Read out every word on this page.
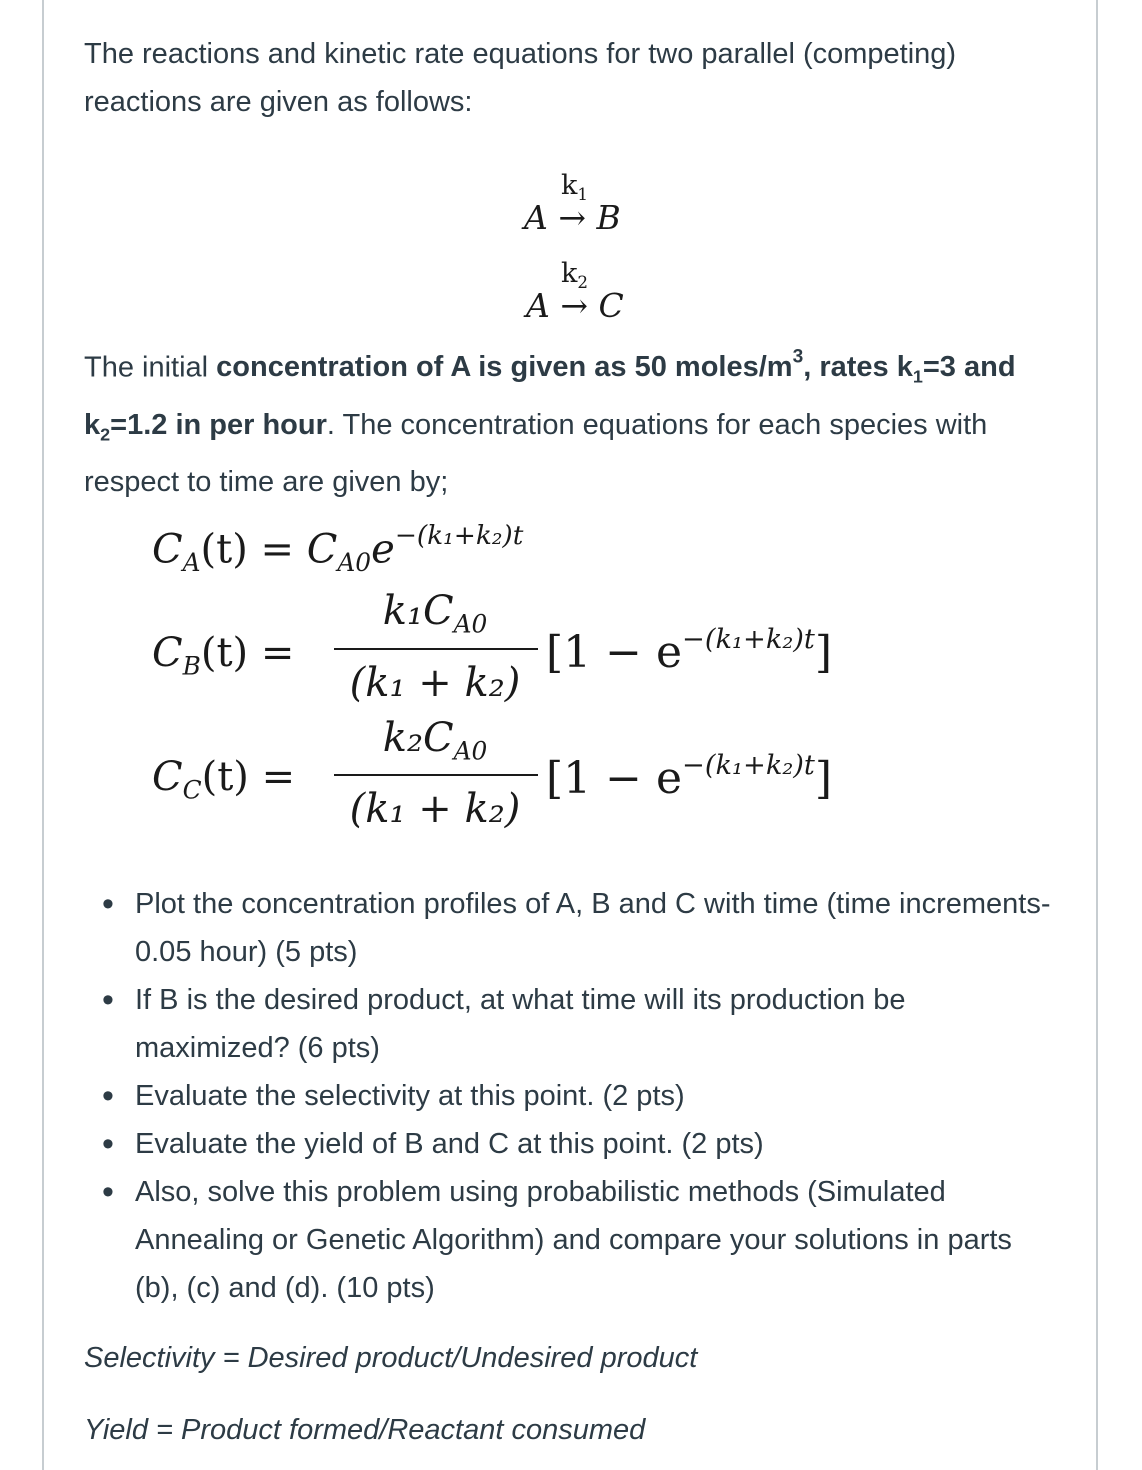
The reactions and kinetic rate equations for two parallel (competing) reactions are given as follows:

$k_1$
A → B
$k_2$
A → C

The initial concentration of A is given as 50 moles/$m^3$, rates $k_1=3$ and $k_2=1.2$ in per hour. The concentration equations for each species with respect to time are given by;

$C_A(t) = C_{A0}e^{-(k_1+k_2)t}$
$C_B(t)$ =
$k_1C_{A0}$
(k₁ + k₂)
$[1 - e^{-(k_1+k_2)t}]$
$C_C(t)$ =
$k_2C_{A0}$
(k₁ + k₂)
$[1 - e^{-(k_1+k_2)t}]$
• Plot the concentration profiles of A, B and C with time (time increments-0.05 hour) (5 pts)
• If B is the desired product, at what time will its production be maximized? (6 pts)
• Evaluate the selectivity at this point. (2 pts)
• Evaluate the yield of B and C at this point. (2 pts)
• Also, solve this problem using probabilistic methods (Simulated Annealing or Genetic Algorithm) and compare your solutions in parts (b), (c) and (d). (10 pts)
Selectivity = Desired product/Undesired product
Yield = Product formed/Reactant consumed
